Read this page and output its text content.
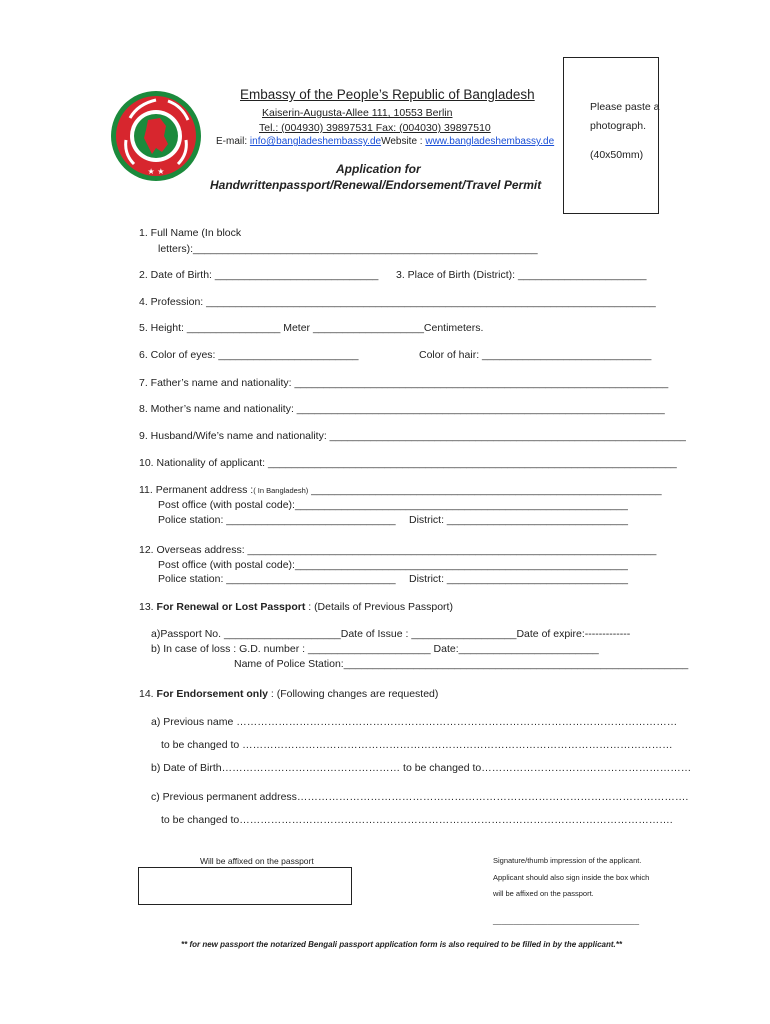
★ ★
Embassy of the People’s Republic of Bangladesh
Kaiserin-Augusta-Allee 111, 10553 Berlin
Tel.: (004930) 39897531 Fax: (004030) 39897510
E-mail: info@bangladeshembassy.deWebsite : www.bangladeshembassy.de
Application for
Handwrittenpassport/Renewal/Endorsement/Travel Permit
Please paste a
photograph.
(40x50mm)
1. Full Name (In block
letters):___________________________________________________________
2. Date of Birth: ____________________________ 3. Place of Birth (District): ______________________
4. Profession: _____________________________________________________________________________
5. Height: ________________ Meter ___________________Centimeters.
6. Color of eyes: ________________________	Color of hair: _____________________________
7. Father’s name and nationality: ________________________________________________________________
8. Mother’s name and nationality: _______________________________________________________________
9. Husband/Wife’s name and nationality: _____________________________________________________________
10. Nationality of applicant: ______________________________________________________________________
11. Permanent address :( In Bangladesh) ____________________________________________________________
Post office (with postal code):_________________________________________________________
Police station: _____________________________ District: _______________________________
12. Overseas address: ______________________________________________________________________
Post office (with postal code):_________________________________________________________
Police station: _____________________________ District: _______________________________
13. For Renewal or Lost Passport : (Details of Previous Passport)
a)Passport No. ____________________Date of Issue : __________________Date of expire:-------------
b) In case of loss : G.D. number : _____________________ Date:________________________
Name of Police Station:___________________________________________________________
14. For Endorsement only : (Following changes are requested)
a) Previous name ………………………………………………………………………………………………………………
to be changed to ……………………………………………………………………………………………………………
b) Date of Birth…………………………………………… to be changed to……………………………………………………
c) Previous permanent address………………………………………………………………………………………………….
to be changed to…………………………………………………………………………………………………………….
Will be affixed on the passport	Signature/thumb impression of the applicant.
Applicant should also sign inside the box which
will be affixed on the passport.
___________________________________
** for new passport the notarized Bengali passport application form is also required to be filled in by the applicant.**
